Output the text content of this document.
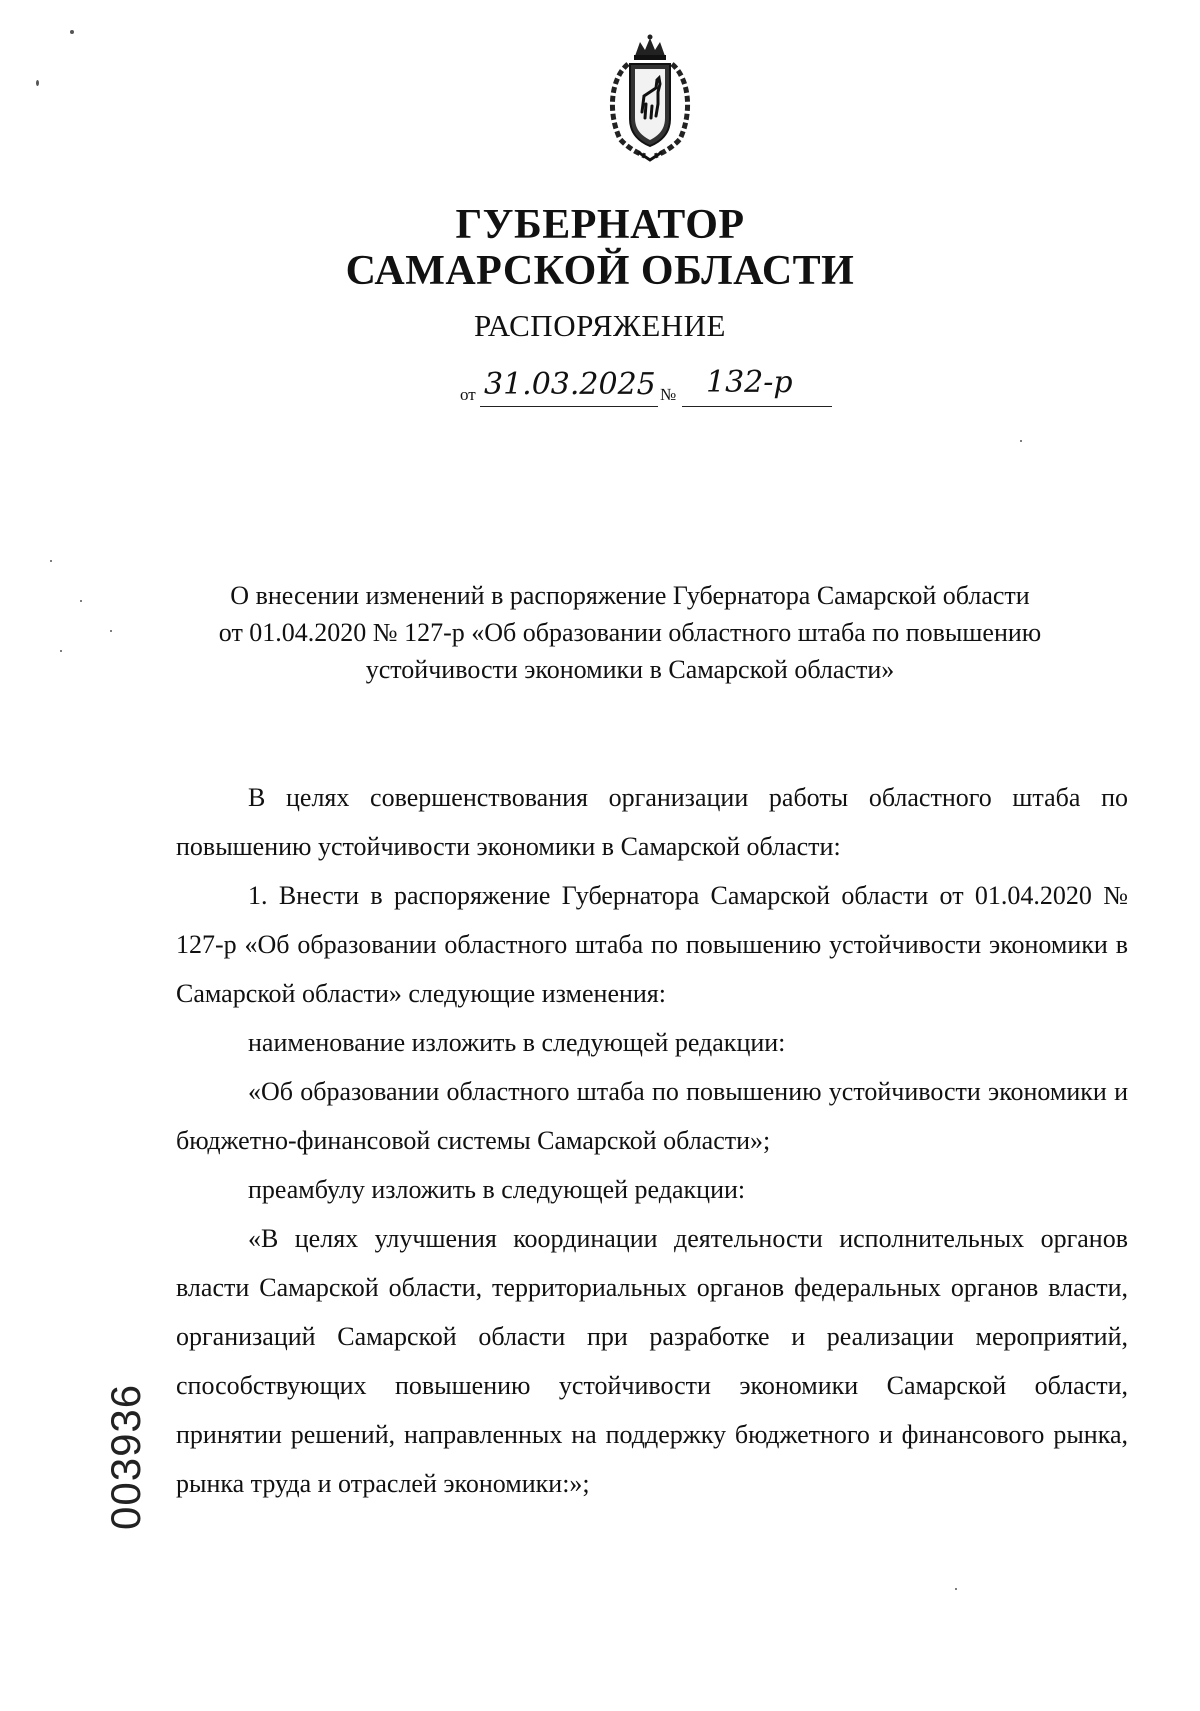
ГУБЕРНАТОР
САМАРСКОЙ ОБЛАСТИ
РАСПОРЯЖЕНИЕ
от 31.03.2025 № 132-р
О внесении изменений в распоряжение Губернатора Самарской области
от 01.04.2020 № 127-р «Об образовании областного штаба по повышению
устойчивости экономики в Самарской области»

В целях совершенствования организации работы областного штаба по повышению устойчивости экономики в Самарской области:

1. Внести в распоряжение Губернатора Самарской области от 01.04.2020 № 127-р «Об образовании областного штаба по повышению устойчивости экономики в Самарской области» следующие изменения:

наименование изложить в следующей редакции:

«Об образовании областного штаба по повышению устойчивости экономики и бюджетно-финансовой системы Самарской области»;

преамбулу изложить в следующей редакции:

«В целях улучшения координации деятельности исполнительных органов власти Самарской области, территориальных органов федеральных органов власти, организаций Самарской области при разработке и реализации мероприятий, способствующих повышению устойчивости экономики Самарской области, принятии решений, направленных на поддержку бюджетного и финансового рынка, рынка труда и отраслей экономики:»;

003936
